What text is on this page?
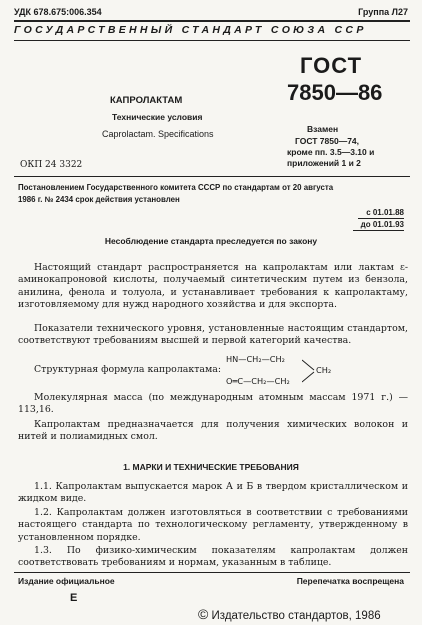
УДК 678.675:006.354	Группа Л27
ГОСУДАРСТВЕННЫЙ СТАНДАРТ СОЮЗА ССР
КАПРОЛАКТАМ
Технические условия
Caprolactam. Specifications
ОКП 24 3322
ГОСТ
7850—86
Взамен
ГОСТ 7850—74,
кроме пп. 3.5—3.10 и
приложений 1 и 2
Постановлением Государственного комитета СССР по стандартам от 20 августа
1986 г. № 2434 срок действия установлен
с 01.01.88
до 01.01.93
Несоблюдение стандарта преследуется по закону
Настоящий стандарт распространяется на капролактам или лактам ε-аминокапроновой кислоты, получаемый синтетическим путем из бензола, анилина, фенола и толуола, и устанавливает требования к капролактаму, изготовляемому для нужд народного хозяйства и для экспорта.
Показатели технического уровня, установленные настоящим стандартом, соответствуют требованиям высшей и первой категорий качества.
Структурная формула капролактама:
HN—CH₂—CH₂
O═C—CH₂—CH₂
CH₂
Молекулярная масса (по международным атомным массам 1971 г.) — 113,16.
Капролактам предназначается для получения химических волокон и нитей и полиамидных смол.
1. МАРКИ И ТЕХНИЧЕСКИЕ ТРЕБОВАНИЯ
1.1. Капролактам выпускается марок А и Б в твердом кристаллическом и жидком виде.
1.2. Капролактам должен изготовляться в соответствии с требованиями настоящего стандарта по технологическому регламенту, утвержденному в установленном порядке.
1.3. По физико-химическим показателям капролактам должен соответствовать требованиям и нормам, указанным в таблице.
Издание официальное	Перепечатка воспрещена
E
© Издательство стандартов, 1986
